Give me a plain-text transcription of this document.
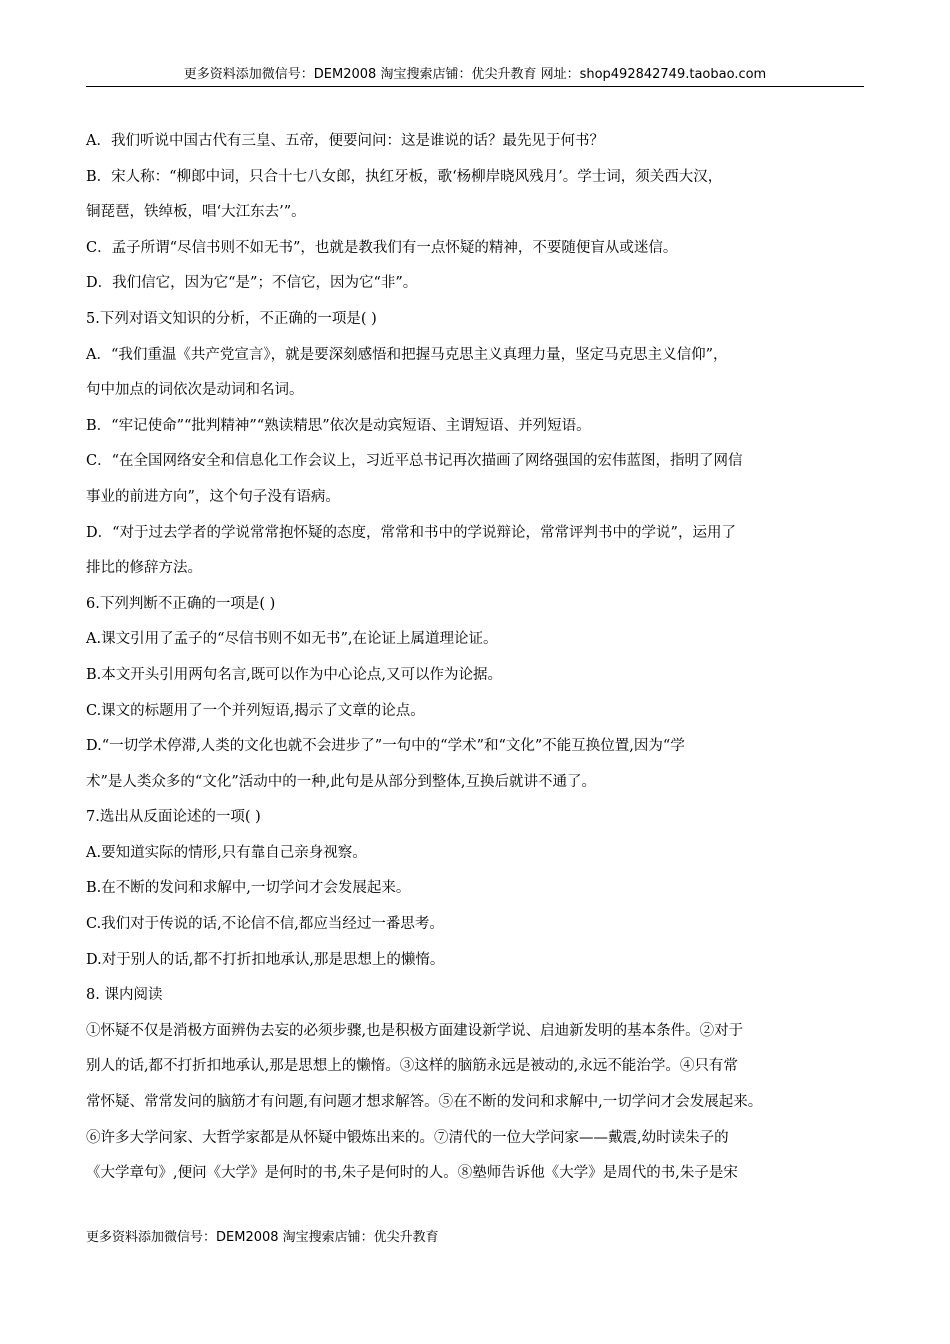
更多资料添加微信号：DEM2008 淘宝搜索店铺：优尖升教育 网址：shop492842749.taobao.com

A．我们听说中国古代有三皇、五帝，便要问问：这是谁说的话？最先见于何书？

B．宋人称：“柳郎中词，只合十七八女郎，执红牙板，歌‘杨柳岸晓风残月’。学士词，须关西大汉，

铜琵琶，铁绰板，唱‘大江东去’”。

C．孟子所谓“尽信书则不如无书”，也就是教我们有一点怀疑的精神，不要随便盲从或迷信。

D．我们信它，因为它“是”；不信它，因为它“非”。

5.下列对语文知识的分析，不正确的一项是( )

A．“我们重温《共产党宣言》，就是要深刻感悟和把握马克思主义真理力量，坚定马克思主义信仰”，

句中加点的词依次是动词和名词。

B．“牢记使命”“批判精神”“熟读精思”依次是动宾短语、主谓短语、并列短语。

C．“在全国网络安全和信息化工作会议上，习近平总书记再次描画了网络强国的宏伟蓝图，指明了网信

事业的前进方向”，这个句子没有语病。

D．“对于过去学者的学说常常抱怀疑的态度，常常和书中的学说辩论，常常评判书中的学说”，运用了

排比的修辞方法。

6.下列判断不正确的一项是( )

A.课文引用了孟子的“尽信书则不如无书”,在论证上属道理论证。

B.本文开头引用两句名言,既可以作为中心论点,又可以作为论据。

C.课文的标题用了一个并列短语,揭示了文章的论点。

D.“一切学术停滞,人类的文化也就不会进步了”一句中的“学术”和“文化”不能互换位置,因为“学

术”是人类众多的“文化”活动中的一种,此句是从部分到整体,互换后就讲不通了。

7.选出从反面论述的一项( )

A.要知道实际的情形,只有靠自己亲身视察。

B.在不断的发问和求解中,一切学问才会发展起来。

C.我们对于传说的话,不论信不信,都应当经过一番思考。

D.对于别人的话,都不打折扣地承认,那是思想上的懒惰。

8. 课内阅读

①怀疑不仅是消极方面辨伪去妄的必须步骤,也是积极方面建设新学说、启迪新发明的基本条件。②对于

别人的话,都不打折扣地承认,那是思想上的懒惰。③这样的脑筋永远是被动的,永远不能治学。④只有常

常怀疑、常常发问的脑筋才有问题,有问题才想求解答。⑤在不断的发问和求解中,一切学问才会发展起来。

⑥许多大学问家、大哲学家都是从怀疑中锻炼出来的。⑦清代的一位大学问家——戴震,幼时读朱子的

《大学章句》,便问《大学》是何时的书,朱子是何时的人。⑧塾师告诉他《大学》是周代的书,朱子是宋

更多资料添加微信号：DEM2008 淘宝搜索店铺：优尖升教育
